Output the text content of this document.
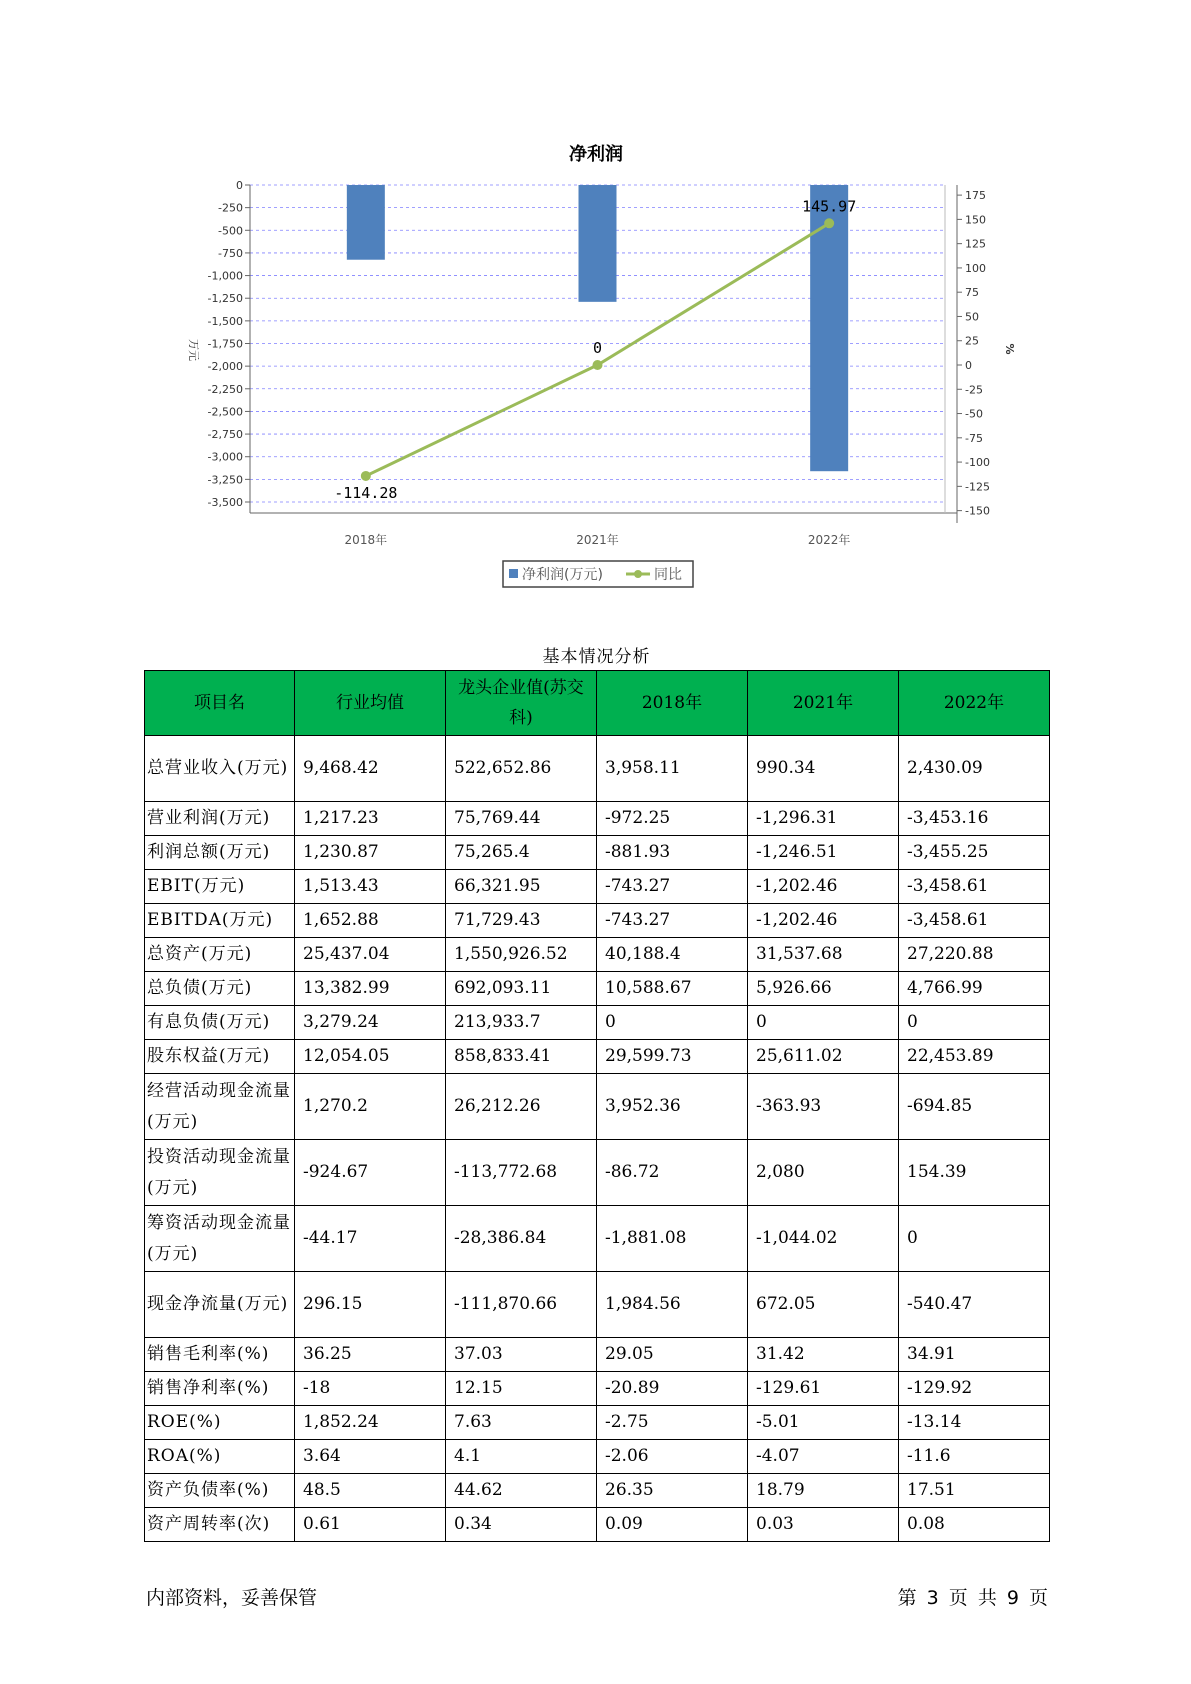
净利润
0
-250
-500
-750
-1,000
-1,250
-1,500
-1,750
-2,000
-2,250
-2,500
-2,750
-3,000
-3,250
-3,500
175
150
125
100
75
50
25
0
-25
-50
-75
-100
-125
-150
万元	%
2018年	2021年	2022年
-114.28
0
145.97
净利润(万元)	同比
基本情况分析
项目名	行业均值	龙头企业值(苏交科)	2018年	2021年	2022年
总营业收入(万元)	9,468.42	522,652.86	3,958.11	990.34	2,430.09
营业利润(万元)	1,217.23	75,769.44	-972.25	-1,296.31	-3,453.16
利润总额(万元)	1,230.87	75,265.4	-881.93	-1,246.51	-3,455.25
EBIT(万元)	1,513.43	66,321.95	-743.27	-1,202.46	-3,458.61
EBITDA(万元)	1,652.88	71,729.43	-743.27	-1,202.46	-3,458.61
总资产(万元)	25,437.04	1,550,926.52	40,188.4	31,537.68	27,220.88
总负债(万元)	13,382.99	692,093.11	10,588.67	5,926.66	4,766.99
有息负债(万元)	3,279.24	213,933.7	0	0	0
股东权益(万元)	12,054.05	858,833.41	29,599.73	25,611.02	22,453.89
经营活动现金流量(万元)	1,270.2	26,212.26	3,952.36	-363.93	-694.85
投资活动现金流量(万元)	-924.67	-113,772.68	-86.72	2,080	154.39
筹资活动现金流量(万元)	-44.17	-28,386.84	-1,881.08	-1,044.02	0
现金净流量(万元)	296.15	-111,870.66	1,984.56	672.05	-540.47
销售毛利率(%)	36.25	37.03	29.05	31.42	34.91
销售净利率(%)	-18	12.15	-20.89	-129.61	-129.92
ROE(%)	1,852.24	7.63	-2.75	-5.01	-13.14
ROA(%)	3.64	4.1	-2.06	-4.07	-11.6
资产负债率(%)	48.5	44.62	26.35	18.79	17.51
资产周转率(次)	0.61	0.34	0.09	0.03	0.08
内部资料，妥善保管	第 3 页 共 9 页
